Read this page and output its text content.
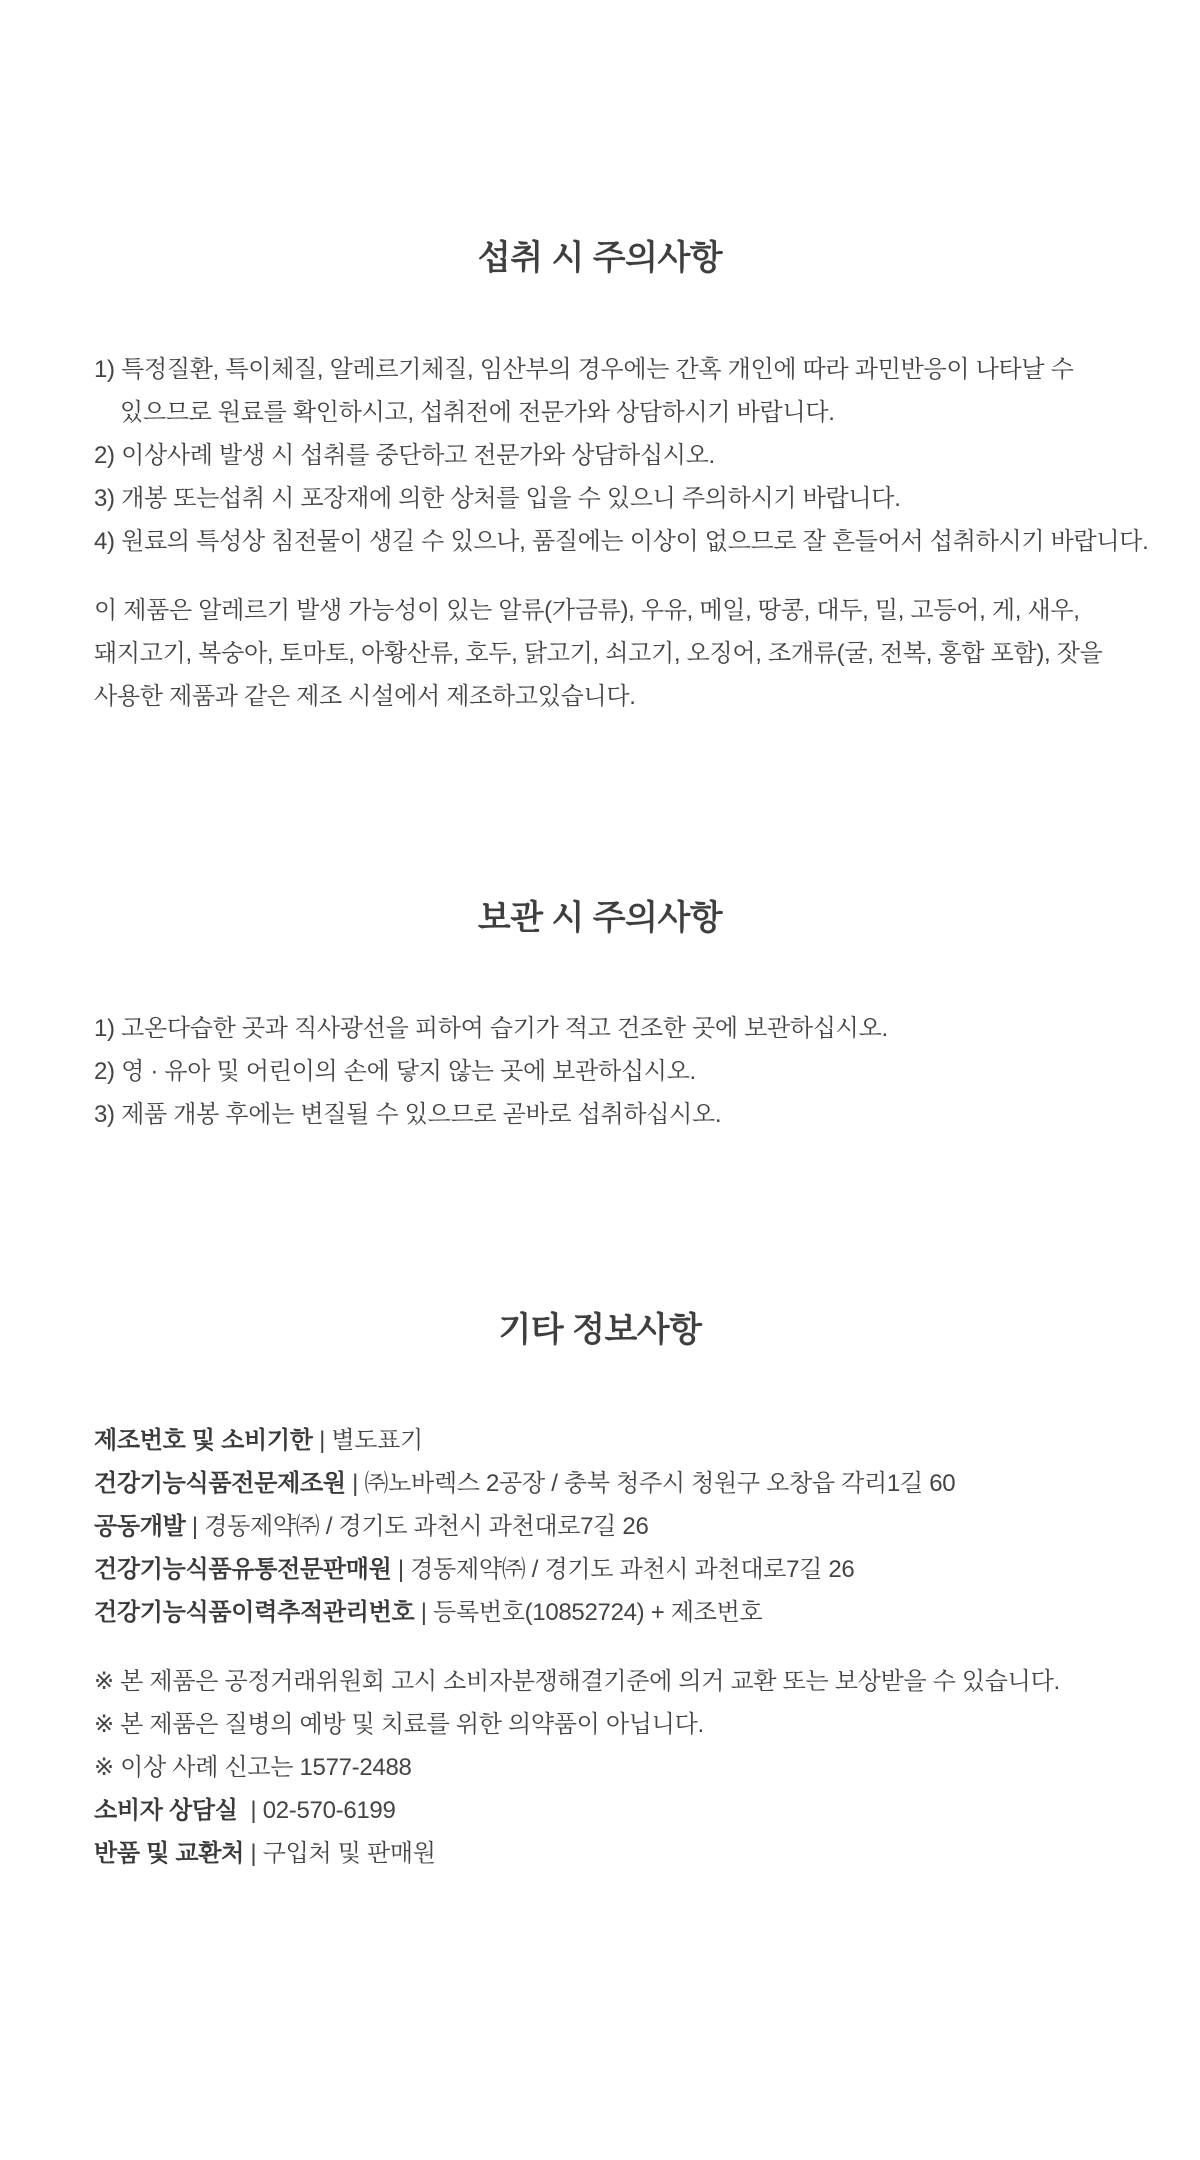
섭취 시 주의사항
1) 특정질환, 특이체질, 알레르기체질, 임산부의 경우에는 간혹 개인에 따라 과민반응이 나타날 수
있으므로 원료를 확인하시고, 섭취전에 전문가와 상담하시기 바랍니다.
2) 이상사례 발생 시 섭취를 중단하고 전문가와 상담하십시오.
3) 개봉 또는섭취 시 포장재에 의한 상처를 입을 수 있으니 주의하시기 바랍니다.
4) 원료의 특성상 침전물이 생길 수 있으나, 품질에는 이상이 없으므로 잘 흔들어서 섭취하시기 바랍니다.
이 제품은 알레르기 발생 가능성이 있는 알류(가금류), 우유, 메일, 땅콩, 대두, 밀, 고등어, 게, 새우,
돼지고기, 복숭아, 토마토, 아황산류, 호두, 닭고기, 쇠고기, 오징어, 조개류(굴, 전복, 홍합 포함), 잣을
사용한 제품과 같은 제조 시설에서 제조하고있습니다.
보관 시 주의사항
1) 고온다습한 곳과 직사광선을 피하여 습기가 적고 건조한 곳에 보관하십시오.
2) 영 · 유아 및 어린이의 손에 닿지 않는 곳에 보관하십시오.
3) 제품 개봉 후에는 변질될 수 있으므로 곧바로 섭취하십시오.
기타 정보사항
제조번호 및 소비기한 | 별도표기
건강기능식품전문제조원 | ㈜노바렉스 2공장 / 충북 청주시 청원구 오창읍 각리1길 60
공동개발 | 경동제약㈜ / 경기도 과천시 과천대로7길 26
건강기능식품유통전문판매원 | 경동제약㈜ / 경기도 과천시 과천대로7길 26
건강기능식품이력추적관리번호 | 등록번호(10852724) + 제조번호
※ 본 제품은 공정거래위원회 고시 소비자분쟁해결기준에 의거 교환 또는 보상받을 수 있습니다.
※ 본 제품은 질병의 예방 및 치료를 위한 의약품이 아닙니다.
※ 이상 사례 신고는 1577-2488
소비자 상담실  | 02-570-6199
반품 및 교환처 | 구입처 및 판매원
